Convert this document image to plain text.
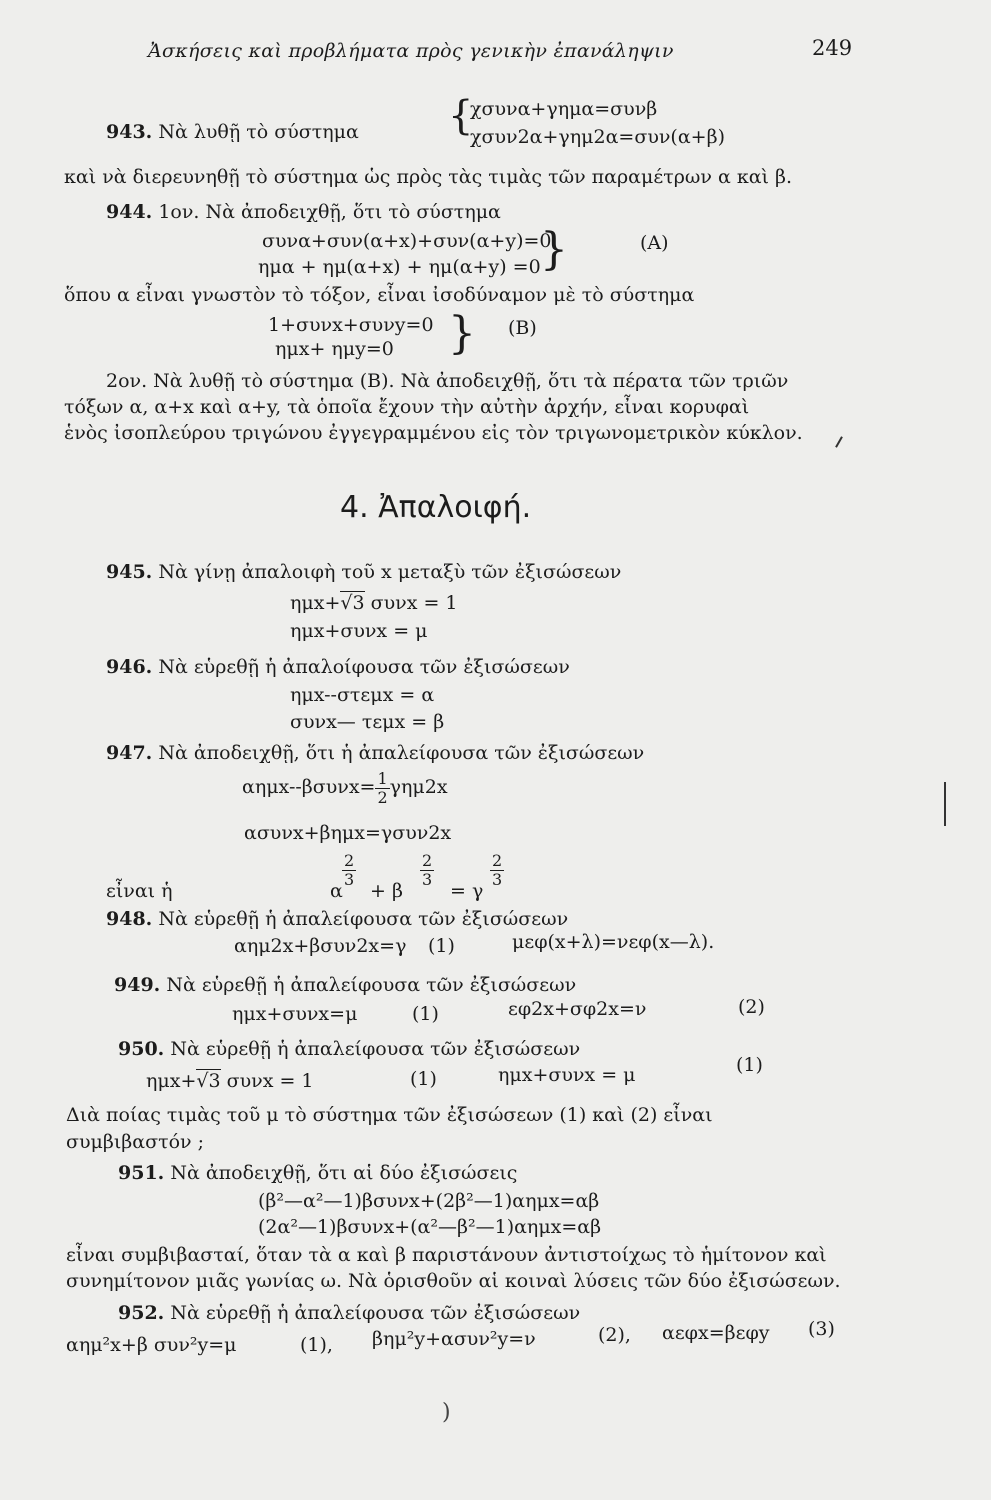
Ἀσκήσεις καὶ προβλήματα πρὸς γενικὴν ἐπανάληψιν	249
943. Νὰ λυθῇ τὸ σύστημα {
χσυνα+γημα=συνβ
χσυν2α+γημ2α=συν(α+β)
καὶ νὰ διερευνηθῇ τὸ σύστημα ὡς πρὸς τὰς τιμὰς τῶν παραμέτρων α καὶ β.
944. 1ον. Νὰ ἀποδειχθῇ, ὅτι τὸ σύστημα
συνα+συν(α+x)+συν(α+y)=0
ημα + ημ(α+x) + ημ(α+y) =0 }	(Α)
ὅπου α εἶναι γνωστὸν τὸ τόξον, εἶναι ἰσοδύναμον μὲ τὸ σύστημα
1+συνx+συνy=0
ημx+ ημy=0 } (Β)
2ον. Νὰ λυθῇ τὸ σύστημα (Β). Νὰ ἀποδειχθῇ, ὅτι τὰ πέρατα τῶν τριῶν
τόξων α, α+x καὶ α+y, τὰ ὁποῖα ἔχουν τὴν αὐτὴν ἀρχήν, εἶναι κορυφαὶ
ἑνὸς ἰσοπλεύρου τριγώνου ἐγγεγραμμένου εἰς τὸν τριγωνομετρικὸν κύκλον.
4. Ἀπαλοιφή.
945. Νὰ γίνῃ ἀπαλοιφὴ τοῦ x μεταξὺ τῶν ἐξισώσεων
ημx+√3 συνx = 1
ημx+συνx = μ
946. Νὰ εὑρεθῇ ἡ ἀπαλοίφουσα τῶν ἐξισώσεων
ημx--στεμx = α
συνx— τεμx = β
947. Νὰ ἀποδειχθῇ, ὅτι ἡ ἀπαλείφουσα τῶν ἐξισώσεων
$\alpha\eta\mu x--\beta\sigma\upsilon\nu x= \frac{1}{2} \gamma\eta\mu 2x$
ασυνx+βημx=γσυν2x
εἶναι ἡ	α
$\frac{2}{3}$
+ β
$\frac{2}{3}$
= γ
$\frac{2}{3}$
948. Νὰ εὑρεθῇ ἡ ἀπαλείφουσα τῶν ἐξισώσεων
αημ2x+βσυν2x=γ (1)	μεφ(x+λ)=νεφ(x—λ).
949. Νὰ εὑρεθῇ ἡ ἀπαλείφουσα τῶν ἐξισώσεων
ημx+συνx=μ	(1)	εφ2x+σφ2x=ν	(2)
950. Νὰ εὑρεθῇ ἡ ἀπαλείφουσα τῶν ἐξισώσεων
ημx+√3 συνx = 1	(1)	ημx+συνx = μ	(1)
Διὰ ποίας τιμὰς τοῦ μ τὸ σύστημα τῶν ἐξισώσεων (1) καὶ (2) εἶναι
συμβιβαστόν ;
951. Νὰ ἀποδειχθῇ, ὅτι αἱ δύο ἐξισώσεις
(β²—α²—1)βσυνx+(2β²—1)αημx=αβ
(2α²—1)βσυνx+(α²—β²—1)αημx=αβ
εἶναι συμβιβασταί, ὅταν τὰ α καὶ β παριστάνουν ἀντιστοίχως τὸ ἡμίτονον καὶ
συνημίτονον μιᾶς γωνίας ω. Νὰ ὁρισθοῦν αἱ κοιναὶ λύσεις τῶν δύο ἐξισώσεων.
952. Νὰ εὑρεθῇ ἡ ἀπαλείφουσα τῶν ἐξισώσεων
αημ²x+β συν²y=μ	(1), βημ²y+ασυν²y=ν	(2), αεφx=βεφy (3)
)
